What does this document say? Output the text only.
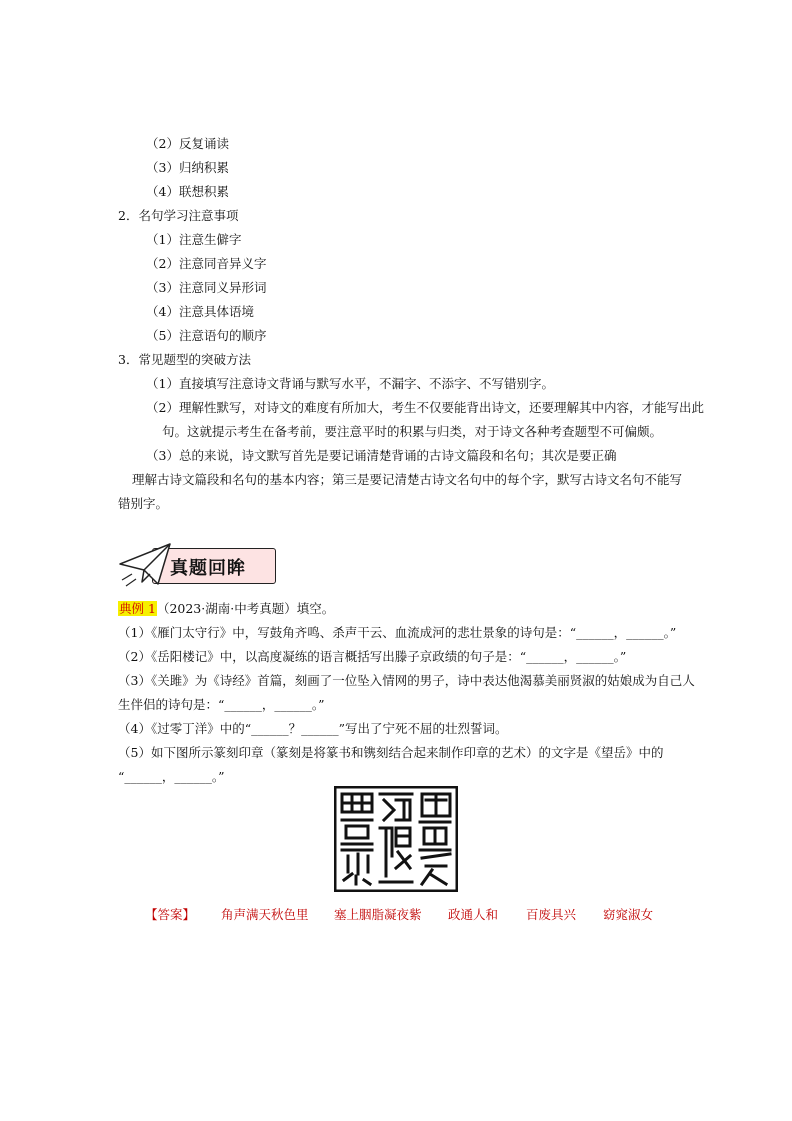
（2）反复诵读
（3）归纳积累
（4）联想积累
2．名句学习注意事项
（1）注意生僻字
（2）注意同音异义字
（3）注意同义异形词
（4）注意具体语境
（5）注意语句的顺序
3．常见题型的突破方法
（1）直接填写注意诗文背诵与默写水平，不漏字、不添字、不写错别字。
（2）理解性默写，对诗文的难度有所加大，考生不仅要能背出诗文，还要理解其中内容，才能写出此
句。这就提示考生在备考前，要注意平时的积累与归类，对于诗文各种考查题型不可偏颇。
（3）总的来说，诗文默写首先是要记诵清楚背诵的古诗文篇段和名句；其次是要正确
理解古诗文篇段和名句的基本内容；第三是要记清楚古诗文名句中的每个字，默写古诗文名句不能写
错别字。
真题回眸
典例 1（2023·湖南·中考真题）填空。
（1）《雁门太守行》中，写鼓角齐鸣、杀声干云、血流成河的悲壮景象的诗句是：“______，______。”
（2）《岳阳楼记》中，以高度凝练的语言概括写出滕子京政绩的句子是：“______，______。”
（3）《关雎》为《诗经》首篇，刻画了一位坠入情网的男子，诗中表达他渴慕美丽贤淑的姑娘成为自己人
生伴侣的诗句是：“______，______。”
（4）《过零丁洋》中的“______？______”写出了宁死不屈的壮烈誓词。
（5）如下图所示篆刻印章（篆刻是将篆书和镌刻结合起来制作印章的艺术）的文字是《望岳》中的
“______，______。”
【答案】 角声满天秋色里 塞上胭脂凝夜紫 政通人和 百废具兴 窈窕淑女
